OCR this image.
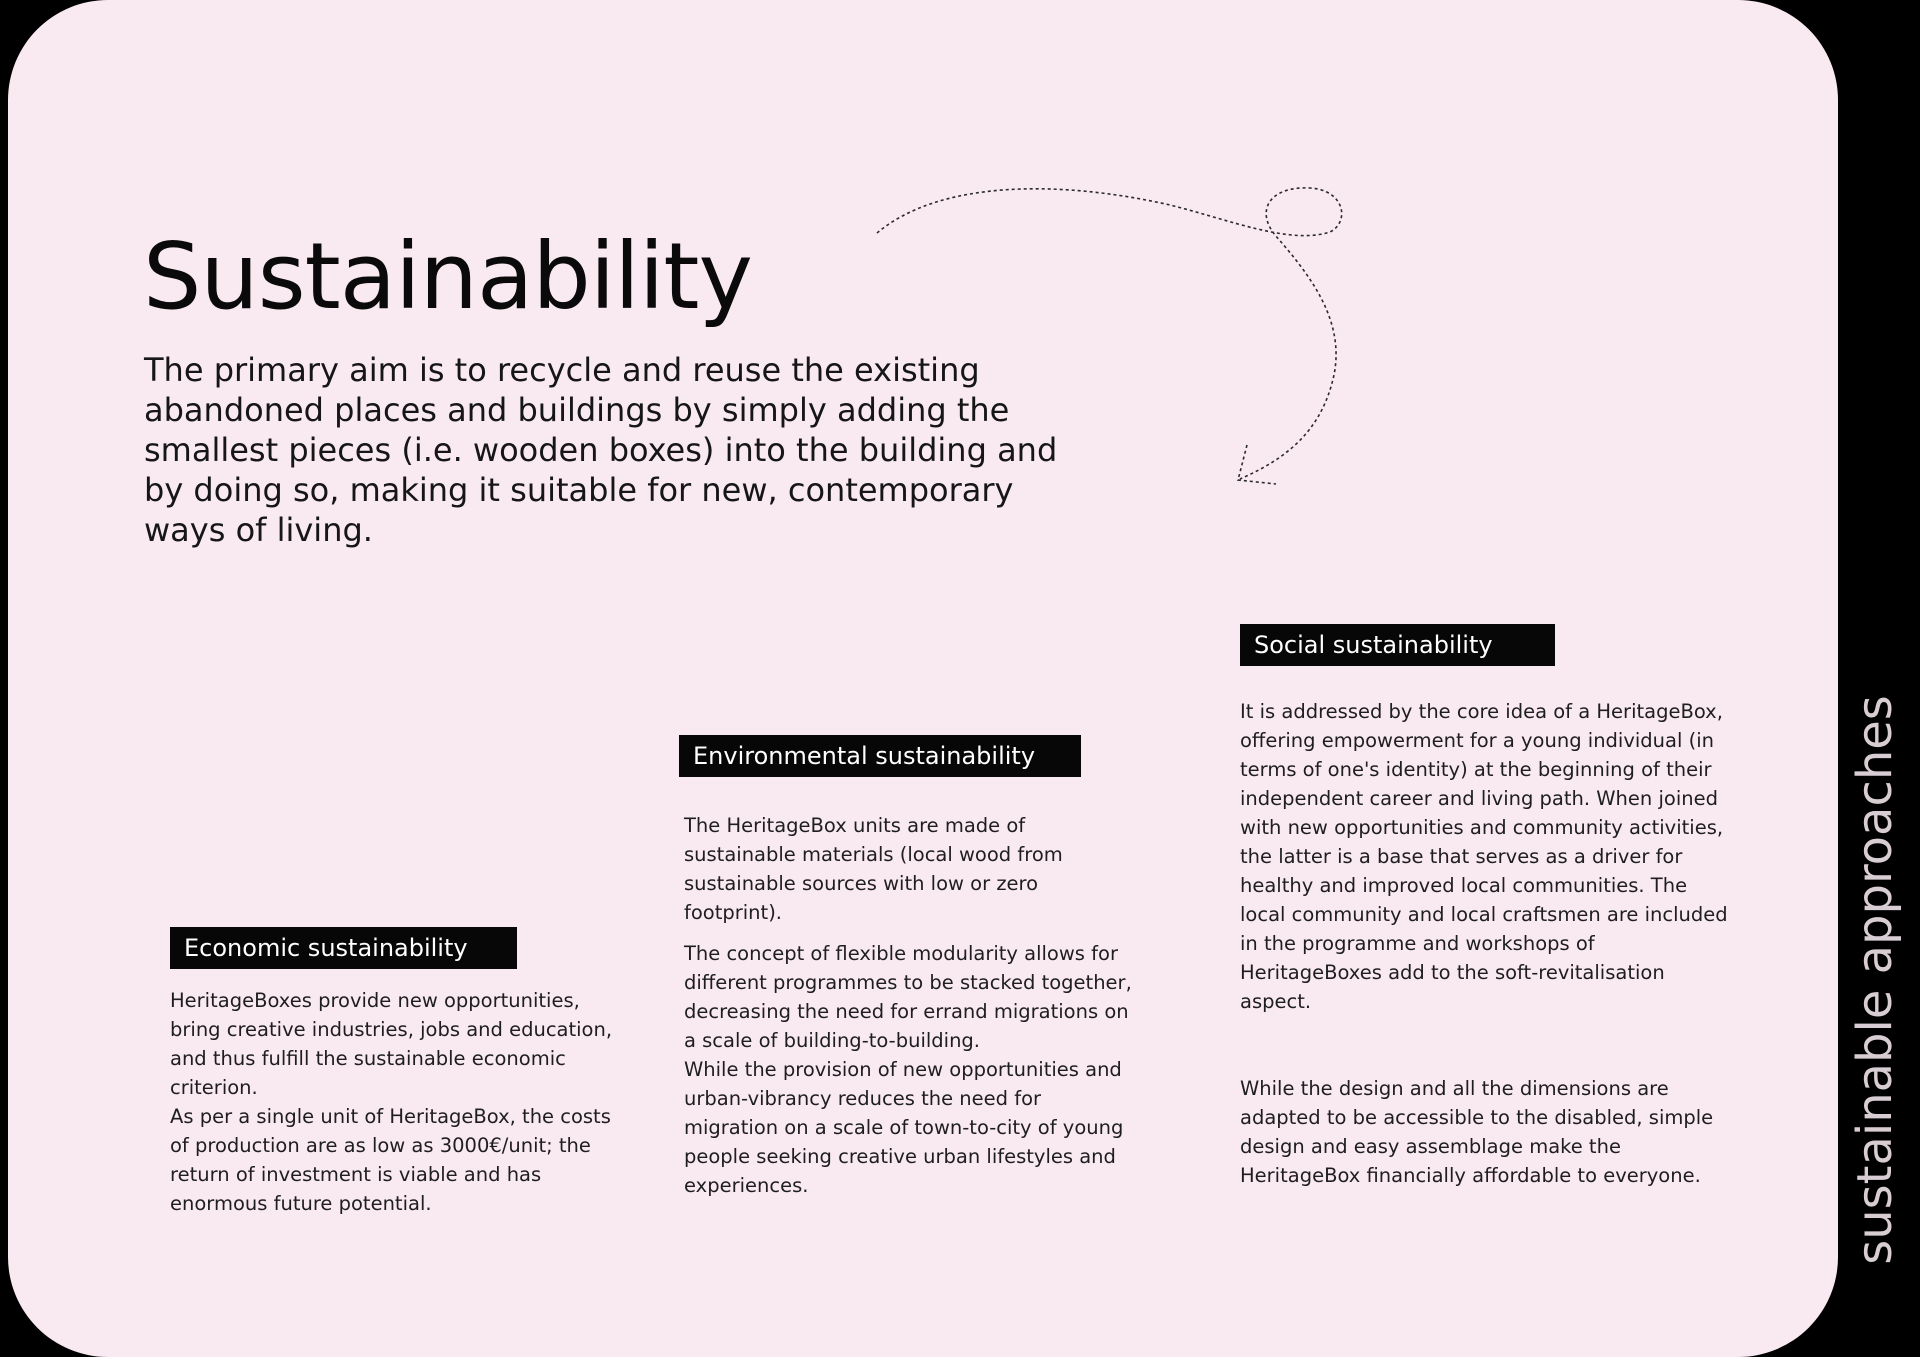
Sustainability

The primary aim is to recycle and reuse the existing abandoned places and buildings by simply adding the smallest pieces (i.e. wooden boxes) into the building and by doing so, making it suitable for new, contemporary ways of living.

Economic sustainability

HeritageBoxes provide new opportunities, bring creative industries, jobs and education, and thus fulfill the sustainable economic criterion.
As per a single unit of HeritageBox, the costs of production are as low as 3000€/unit; the return of investment is viable and has enormous future potential.

Environmental sustainability

The HeritageBox units are made of sustainable materials (local wood from sustainable sources with low or zero footprint).

The concept of flexible modularity allows for different programmes to be stacked together, decreasing the need for errand migrations on a scale of building-to-building.
While the provision of new opportunities and urban-vibrancy reduces the need for migration on a scale of town-to-city of young people seeking creative urban lifestyles and experiences.

Social sustainability

It is addressed by the core idea of a HeritageBox, offering empowerment for a young individual (in terms of one's identity) at the beginning of their independent career and living path. When joined with new opportunities and community activities, the latter is a base that serves as a driver for healthy and improved local communities. The local community and local craftsmen are included in the programme and workshops of HeritageBoxes add to the soft-revitalisation aspect.

While the design and all the dimensions are adapted to be accessible to the disabled, simple design and easy assemblage make the HeritageBox financially affordable to everyone.	sustainable approaches
